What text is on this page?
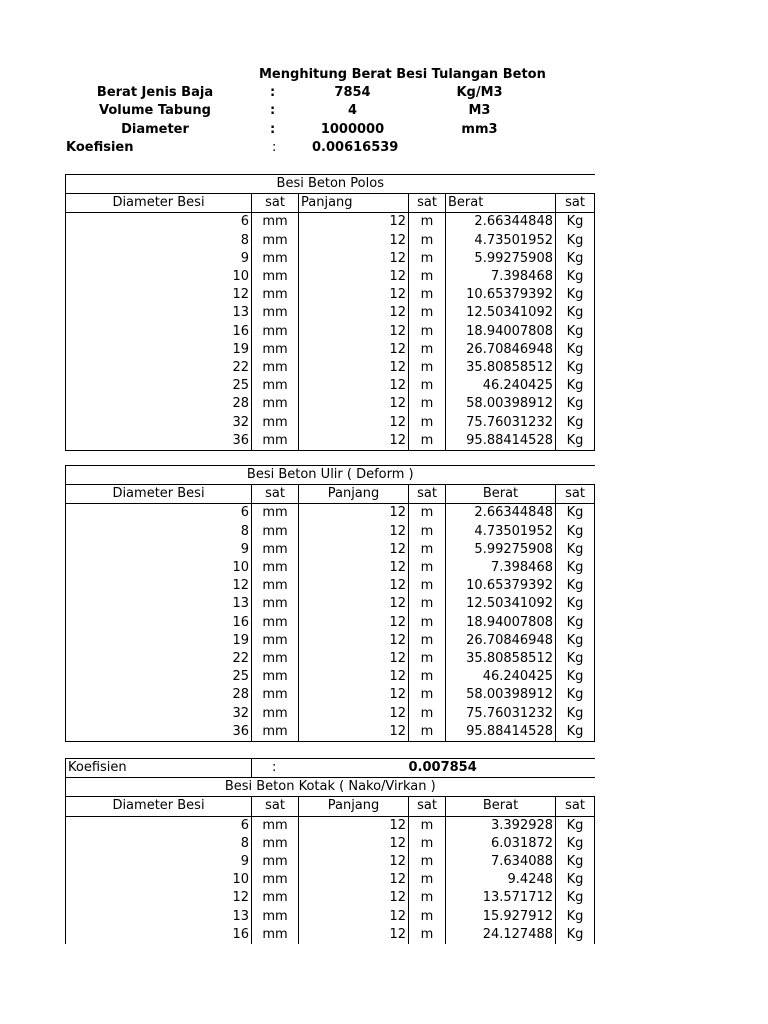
Menghitung Berat Besi Tulangan Beton
Berat Jenis Baja	:	7854	Kg/M3
Volume Tabung	:	4	M3
Diameter	:	1000000	mm3
Koefisien	:	0.00616539
Besi Beton Polos					
Diameter Besi	sat	Panjang	sat	Berat	sat
6	mm	12	m	2.66344848	Kg
8	mm	12	m	4.73501952	Kg
9	mm	12	m	5.99275908	Kg
10	mm	12	m	7.398468	Kg
12	mm	12	m	10.65379392	Kg
13	mm	12	m	12.50341092	Kg
16	mm	12	m	18.94007808	Kg
19	mm	12	m	26.70846948	Kg
22	mm	12	m	35.80858512	Kg
25	mm	12	m	46.240425	Kg
28	mm	12	m	58.00398912	Kg
32	mm	12	m	75.76031232	Kg
36	mm	12	m	95.88414528	Kg
Besi Beton Ulir ( Deform )					
Diameter Besi	sat	Panjang	sat	Berat	sat
6	mm	12	m	2.66344848	Kg
8	mm	12	m	4.73501952	Kg
9	mm	12	m	5.99275908	Kg
10	mm	12	m	7.398468	Kg
12	mm	12	m	10.65379392	Kg
13	mm	12	m	12.50341092	Kg
16	mm	12	m	18.94007808	Kg
19	mm	12	m	26.70846948	Kg
22	mm	12	m	35.80858512	Kg
25	mm	12	m	46.240425	Kg
28	mm	12	m	58.00398912	Kg
32	mm	12	m	75.76031232	Kg
36	mm	12	m	95.88414528	Kg
Koefisien	:		0.007854		
Besi Beton Kotak ( Nako/Virkan )					
Diameter Besi	sat	Panjang	sat	Berat	sat
6	mm	12	m	3.392928	Kg
8	mm	12	m	6.031872	Kg
9	mm	12	m	7.634088	Kg
10	mm	12	m	9.4248	Kg
12	mm	12	m	13.571712	Kg
13	mm	12	m	15.927912	Kg
16	mm	12	m	24.127488	Kg
